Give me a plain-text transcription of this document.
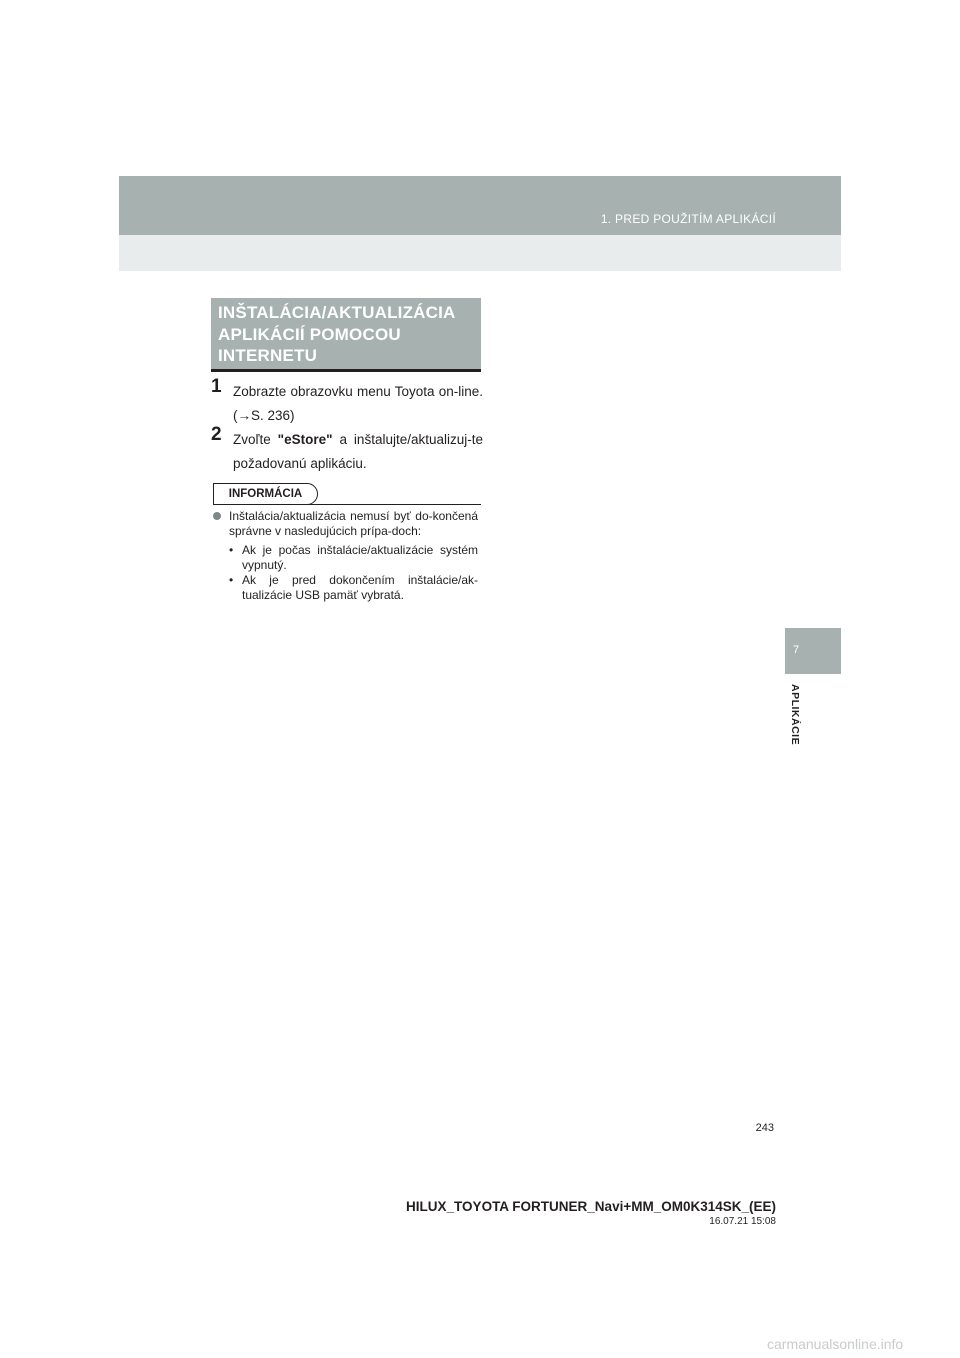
1. PRED POUŽITÍM APLIKÁCIÍ
7
APLIKÁCIE
INŠTALÁCIA/AKTUALIZÁCIA APLIKÁCIÍ POMOCOU INTERNETU
1 Zobrazte obrazovku menu Toyota on-line. (→S. 236)
2 Zvoľte "eStore" a inštalujte/aktualizuj-te požadovanú aplikáciu.
INFORMÁCIA
Inštalácia/aktualizácia nemusí byť do-končená správne v nasledujúcich prípa-doch:
• Ak je počas inštalácie/aktualizácie systém vypnutý.
• Ak je pred dokončením inštalácie/ak-tualizácie USB pamäť vybratá.
243
HILUX_TOYOTA FORTUNER_Navi+MM_OM0K314SK_(EE)
16.07.21 15:08
carmanualsonline.info
